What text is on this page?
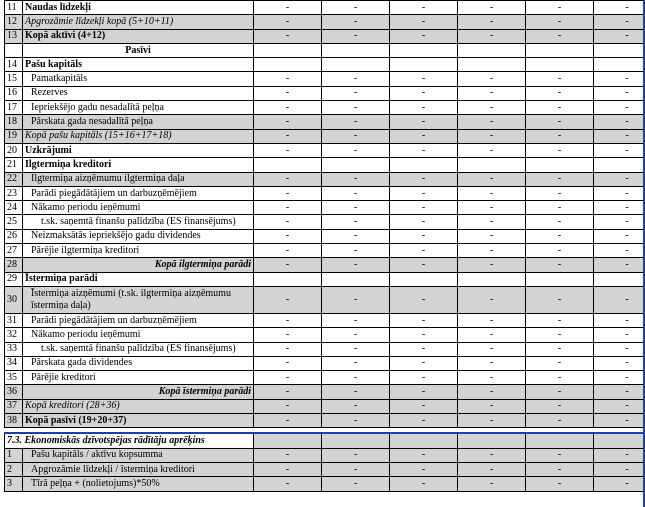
11	Naudas līdzekļi	-	-	-	-	-	-
12	Apgrozāmie līdzekļi kopā (5+10+11)	-	-	-	-	-	-
13	Kopā aktīvi (4+12)	-	-	-	-	-	-
	Pasīvi						
14	Pašu kapitāls						
15	Pamatkapitāls	-	-	-	-	-	-
16	Rezerves	-	-	-	-	-	-
17	Iepriekšējo gadu nesadalītā peļņa	-	-	-	-	-	-
18	Pārskata gada nesadalītā peļņa	-	-	-	-	-	-
19	Kopā pašu kapitāls (15+16+17+18)	-	-	-	-	-	-
20	Uzkrājumi	-	-	-	-	-	-
21	Ilgtermiņa kreditori						
22	Ilgtermiņa aizņēmumu ilgtermiņa daļa	-	-	-	-	-	-
23	Parādi piegādātājiem un darbuzņēmējiem	-	-	-	-	-	-
24	Nākamo periodu ieņēmumi	-	-	-	-	-	-
25	t.sk. saņemtā finanšu palīdzība (ES finansējums)	-	-	-	-	-	-
26	Neizmaksātās iepriekšējo gadu dividendes	-	-	-	-	-	-
27	Pārējie ilgtermiņa kreditori	-	-	-	-	-	-
28	Kopā ilgtermiņa parādi	-	-	-	-	-	-
29	Īstermiņa parādi						
30	Īstermiņa aizņēmumi (t.sk. ilgtermiņa aizņēmumu īstermiņa daļa)	-	-	-	-	-	-
31	Parādi piegādātājiem un darbuzņēmējiem	-	-	-	-	-	-
32	Nākamo periodu ieņēmumi	-	-	-	-	-	-
33	t.sk. saņemtā finanšu palīdzība (ES finansējums)	-	-	-	-	-	-
34	Pārskata gada dividendes	-	-	-	-	-	-
35	Pārējie kreditori	-	-	-	-	-	-
36	Kopā īstermiņa parādi	-	-	-	-	-	-
37	Kopā kreditori (28+36)	-	-	-	-	-	-
38	Kopā pasīvi (19+20+37)	-	-	-	-	-	-

7.3. Ekonomiskās dzīvotspējas rādītāju aprēķins							
1	Pašu kapitāls / aktīvu kopsumma	-	-	-	-	-	-
2	Apgrozāmie līdzekļi / īstermiņa kreditori	-	-	-	-	-	-
3	Tīrā peļņa + (nolietojums)*50%	-	-	-	-	-	-
